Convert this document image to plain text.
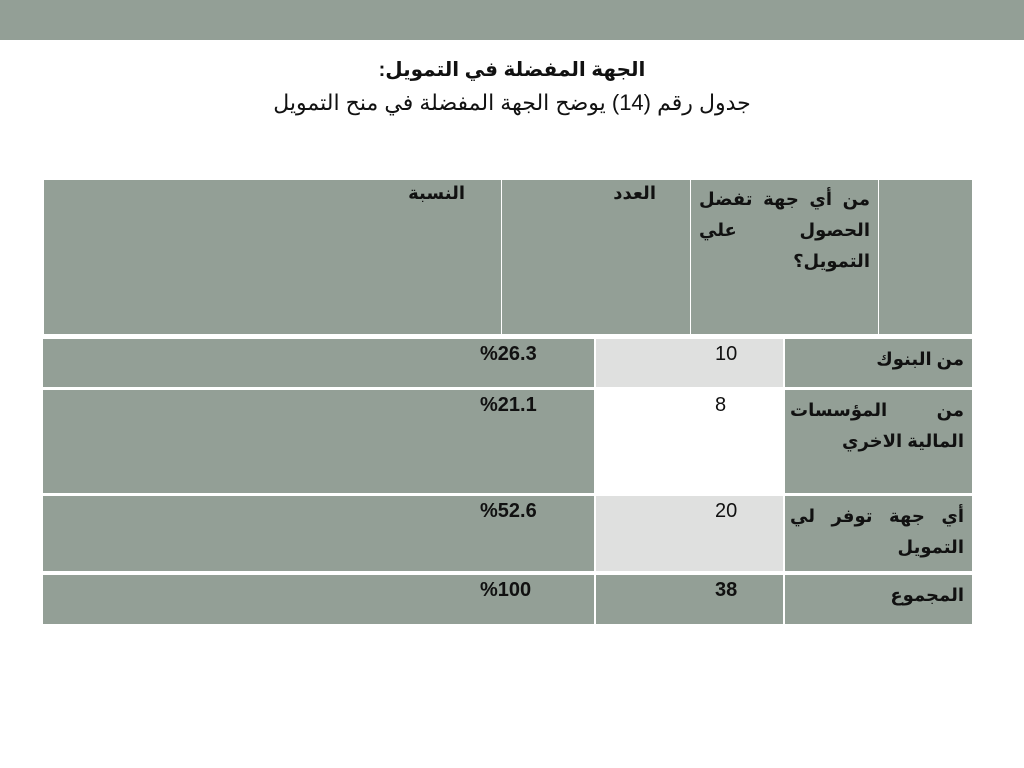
الجهة المفضلة في التمويل:
جدول رقم (14) يوضح الجهة المفضلة في منح التمويل
من أي جهة تفضل الحصول علي التمويل؟
العدد
النسبة
من البنوك
10
%26.3
من المؤسسات المالية الاخري
8
%21.1
أي جهة توفر لي التمويل
20
%52.6
المجموع
38
%100
